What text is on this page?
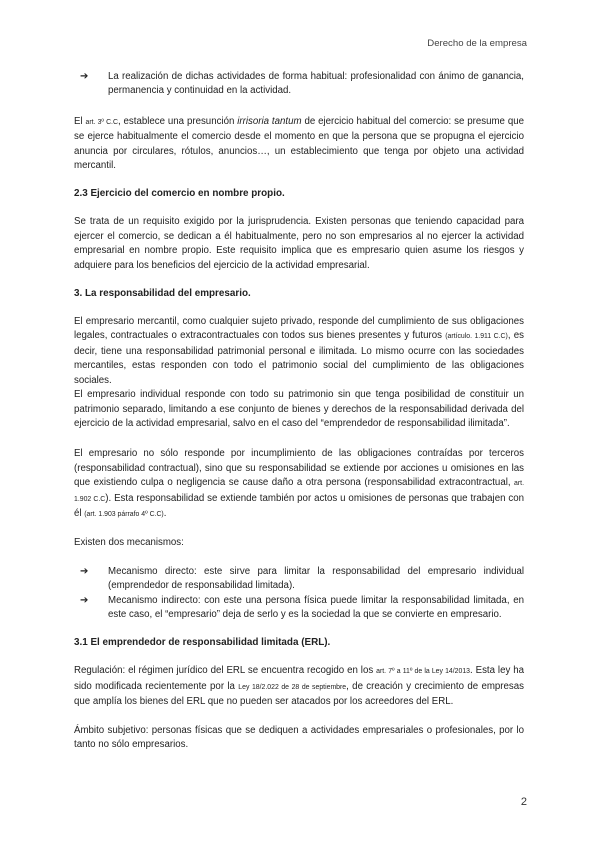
Derecho de la empresa
➔	La realización de dichas actividades de forma habitual: profesionalidad con ánimo de ganancia, permanencia y continuidad en la actividad.

El art. 3º C.C, establece una presunción irrisoria tantum de ejercicio habitual del comercio: se presume que se ejerce habitualmente el comercio desde el momento en que la persona que se propugna el ejercicio anuncia por circulares, rótulos, anuncios…, un establecimiento que tenga por objeto una actividad mercantil.

2.3 Ejercicio del comercio en nombre propio.

Se trata de un requisito exigido por la jurisprudencia. Existen personas que teniendo capacidad para ejercer el comercio, se dedican a él habitualmente, pero no son empresarios al no ejercer la actividad empresarial en nombre propio. Este requisito implica que es empresario quien asume los riesgos y adquiere para los beneficios del ejercicio de la actividad empresarial.

3. La responsabilidad del empresario.

El empresario mercantil, como cualquier sujeto privado, responde del cumplimiento de sus obligaciones legales, contractuales o extracontractuales con todos sus bienes presentes y futuros (artículo. 1.911 C.C), es decir, tiene una responsabilidad patrimonial personal e ilimitada. Lo mismo ocurre con las sociedades mercantiles, estas responden con todo el patrimonio social del cumplimiento de las obligaciones sociales.

El empresario individual responde con todo su patrimonio sin que tenga posibilidad de constituir un patrimonio separado, limitando a ese conjunto de bienes y derechos de la responsabilidad derivada del ejercicio de la actividad empresarial, salvo en el caso del “emprendedor de responsabilidad ilimitada”.

El empresario no sólo responde por incumplimiento de las obligaciones contraídas por terceros (responsabilidad contractual), sino que su responsabilidad se extiende por acciones u omisiones en las que existiendo culpa o negligencia se cause daño a otra persona (responsabilidad extracontractual, art. 1.902 C.C). Esta responsabilidad se extiende también por actos u omisiones de personas que trabajen con él (art. 1.903 párrafo 4º C.C).

Existen dos mecanismos:

➔	Mecanismo directo: este sirve para limitar la responsabilidad del empresario individual (emprendedor de responsabilidad limitada).
➔	Mecanismo indirecto: con este una persona física puede limitar la responsabilidad limitada, en este caso, el “empresario” deja de serlo y es la sociedad la que se convierte en empresario.
3.1 El emprendedor de responsabilidad limitada (ERL).

Regulación: el régimen jurídico del ERL se encuentra recogido en los art. 7º a 11º de la Ley 14/2013. Esta ley ha sido modificada recientemente por la Ley 18/2.022 de 28 de septiembre, de creación y crecimiento de empresas que amplía los bienes del ERL que no pueden ser atacados por los acreedores del ERL.

Ámbito subjetivo: personas físicas que se dediquen a actividades empresariales o profesionales, por lo tanto no sólo empresarios.

2
